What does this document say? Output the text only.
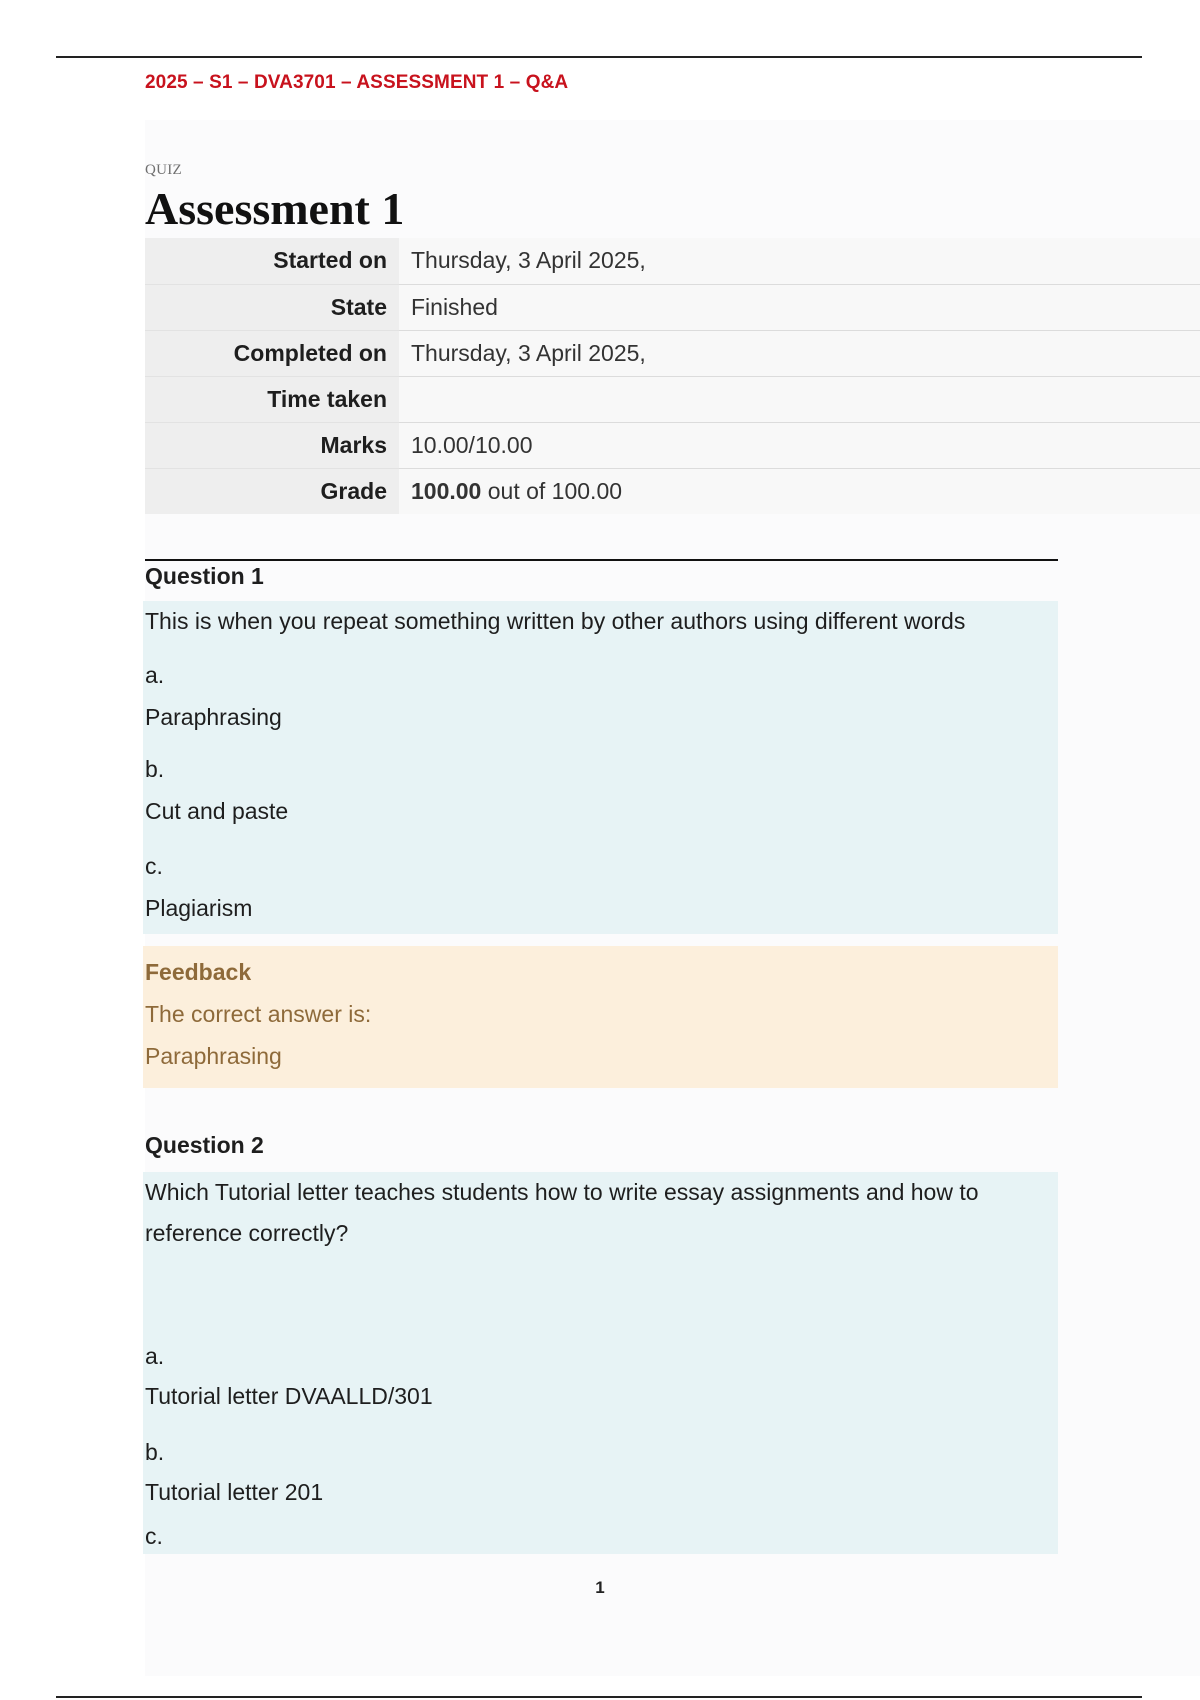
2025 – S1 – DVA3701 – ASSESSMENT 1 – Q&A
QUIZ
Assessment 1
Started on	Thursday, 3 April 2025,
State	Finished
Completed on	Thursday, 3 April 2025,
Time taken	
Marks	10.00/10.00
Grade	100.00 out of 100.00
Question 1

This is when you repeat something written by other authors using different words

a.

Paraphrasing

b.

Cut and paste

c.

Plagiarism

Feedback

The correct answer is:

Paraphrasing

Question 2

Which Tutorial letter teaches students how to write essay assignments and how to reference correctly?

a.

Tutorial letter DVAALLD/301

b.

Tutorial letter 201

c.

1
